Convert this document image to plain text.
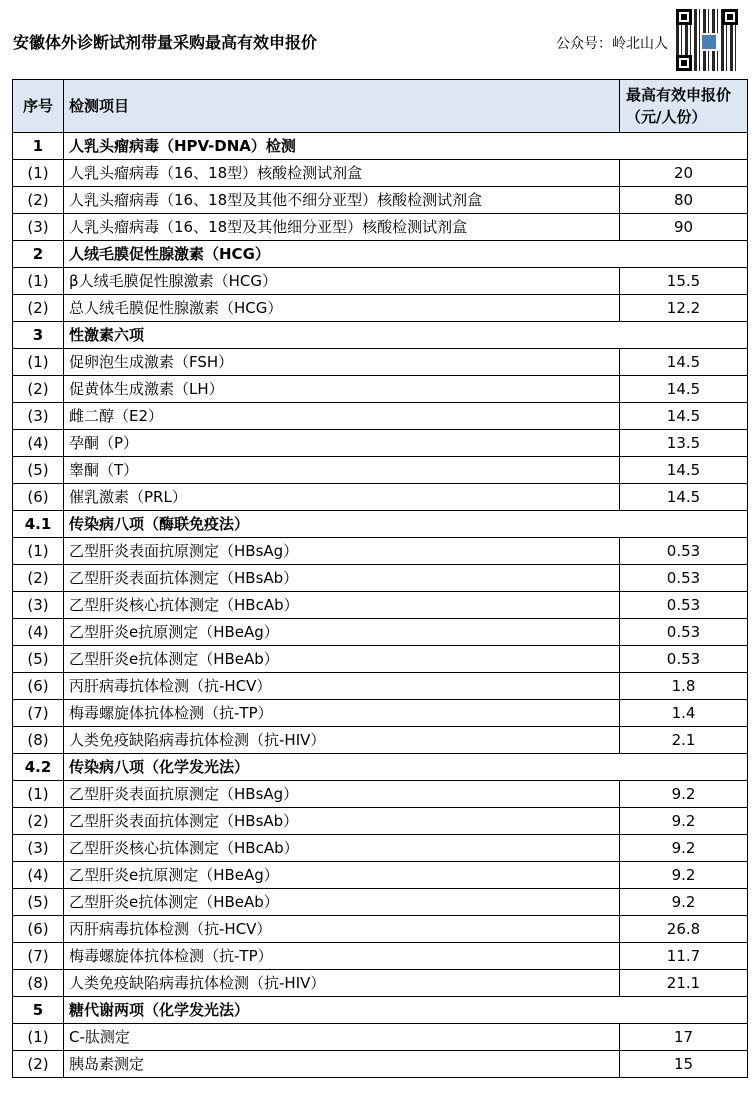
安徽体外诊断试剂带量采购最高有效申报价	公众号：岭北山人
序号	检测项目	最高有效申报价（元/人份）
1	人乳头瘤病毒（HPV-DNA）检测	
(1)	人乳头瘤病毒（16、18型）核酸检测试剂盒	20
(2)	人乳头瘤病毒（16、18型及其他不细分亚型）核酸检测试剂盒	80
(3)	人乳头瘤病毒（16、18型及其他细分亚型）核酸检测试剂盒	90
2	人绒毛膜促性腺激素（HCG）	
(1)	β人绒毛膜促性腺激素（HCG）	15.5
(2)	总人绒毛膜促性腺激素（HCG）	12.2
3	性激素六项	
(1)	促卵泡生成激素（FSH）	14.5
(2)	促黄体生成激素（LH）	14.5
(3)	雌二醇（E2）	14.5
(4)	孕酮（P）	13.5
(5)	睾酮（T）	14.5
(6)	催乳激素（PRL）	14.5
4.1	传染病八项（酶联免疫法）	
(1)	乙型肝炎表面抗原测定（HBsAg）	0.53
(2)	乙型肝炎表面抗体测定（HBsAb）	0.53
(3)	乙型肝炎核心抗体测定（HBcAb）	0.53
(4)	乙型肝炎e抗原测定（HBeAg）	0.53
(5)	乙型肝炎e抗体测定（HBeAb）	0.53
(6)	丙肝病毒抗体检测（抗-HCV）	1.8
(7)	梅毒螺旋体抗体检测（抗-TP）	1.4
(8)	人类免疫缺陷病毒抗体检测（抗-HIV）	2.1
4.2	传染病八项（化学发光法）	
(1)	乙型肝炎表面抗原测定（HBsAg）	9.2
(2)	乙型肝炎表面抗体测定（HBsAb）	9.2
(3)	乙型肝炎核心抗体测定（HBcAb）	9.2
(4)	乙型肝炎e抗原测定（HBeAg）	9.2
(5)	乙型肝炎e抗体测定（HBeAb）	9.2
(6)	丙肝病毒抗体检测（抗-HCV）	26.8
(7)	梅毒螺旋体抗体检测（抗-TP）	11.7
(8)	人类免疫缺陷病毒抗体检测（抗-HIV）	21.1
5	糖代谢两项（化学发光法）	
(1)	C-肽测定	17
(2)	胰岛素测定	15
